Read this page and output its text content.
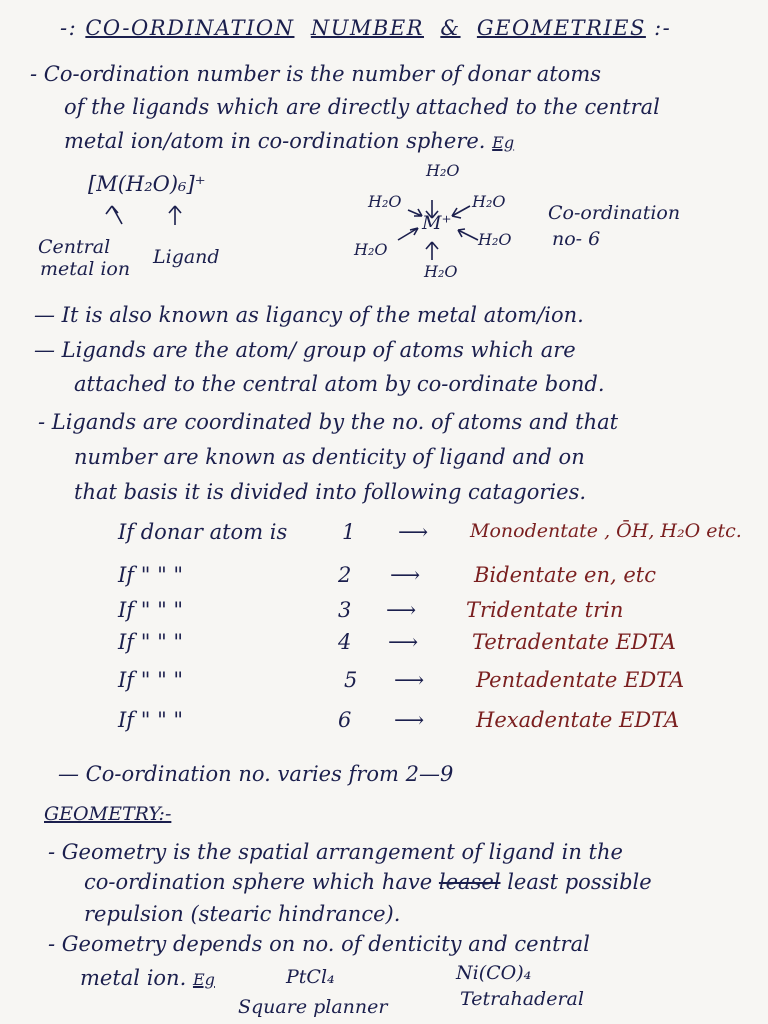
-: CO-ORDINATION NUMBER & GEOMETRIES :-
- Co-ordination number is the number of donar atoms
of the ligands which are directly attached to the central
metal ion/atom in co-ordination sphere. Eg
[M(H₂O)₆]⁺
Central
metal ion
Ligand
H₂O
H₂O	H₂O
M⁺
H₂O
H₂O
H₂O
Co-ordination
no- 6
— It is also known as ligancy of the metal atom/ion.
— Ligands are the atom/ group of atoms which are
attached to the central atom by co-ordinate bond.
- Ligands are coordinated by the no. of atoms and that
number are known as denticity of ligand and on
that basis it is divided into following catagories.
If donar atom is	1 ⟶ Monodentate , ŌH, H₂O etc.
If " " "	2 ⟶	Bidentate en, etc
If " " "	3 ⟶ Tridentate trin
If " " "	4 ⟶	Tetradentate EDTA
If " " "	5 ⟶ Pentadentate EDTA
If " " "	6 ⟶ Hexadentate EDTA
— Co-ordination no. varies from 2—9
GEOMETRY:-
- Geometry is the spatial arrangement of ligand in the
co-ordination sphere which have leasel least possible
repulsion (stearic hindrance).
- Geometry depends on no. of denticity and central
metal ion. Eg	PtCl₄
Square planner
Ni(CO)₄
Tetrahaderal
